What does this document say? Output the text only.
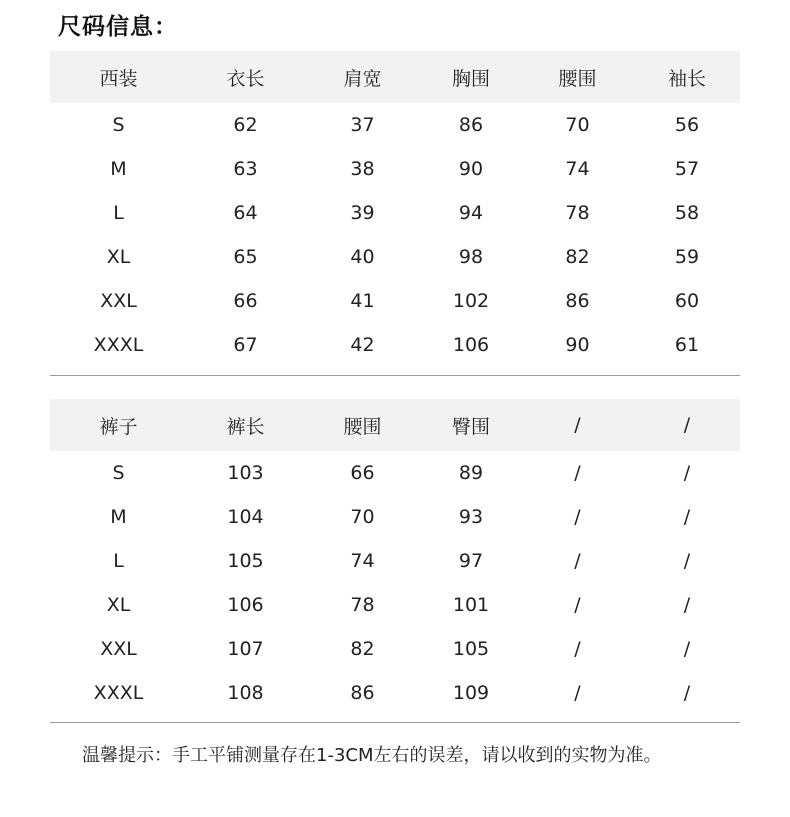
尺码信息：
西装	衣长	肩宽	胸围	腰围	袖长
S	62	37	86	70	56
M	63	38	90	74	57
L	64	39	94	78	58
XL	65	40	98	82	59
XXL	66	41	102	86	60
XXXL	67	42	106	90	61
裤子	裤长	腰围	臀围	/	/
S	103	66	89	/	/
M	104	70	93	/	/
L	105	74	97	/	/
XL	106	78	101	/	/
XXL	107	82	105	/	/
XXXL	108	86	109	/	/
温馨提示：手工平铺测量存在1-3CM左右的误差，请以收到的实物为准。
